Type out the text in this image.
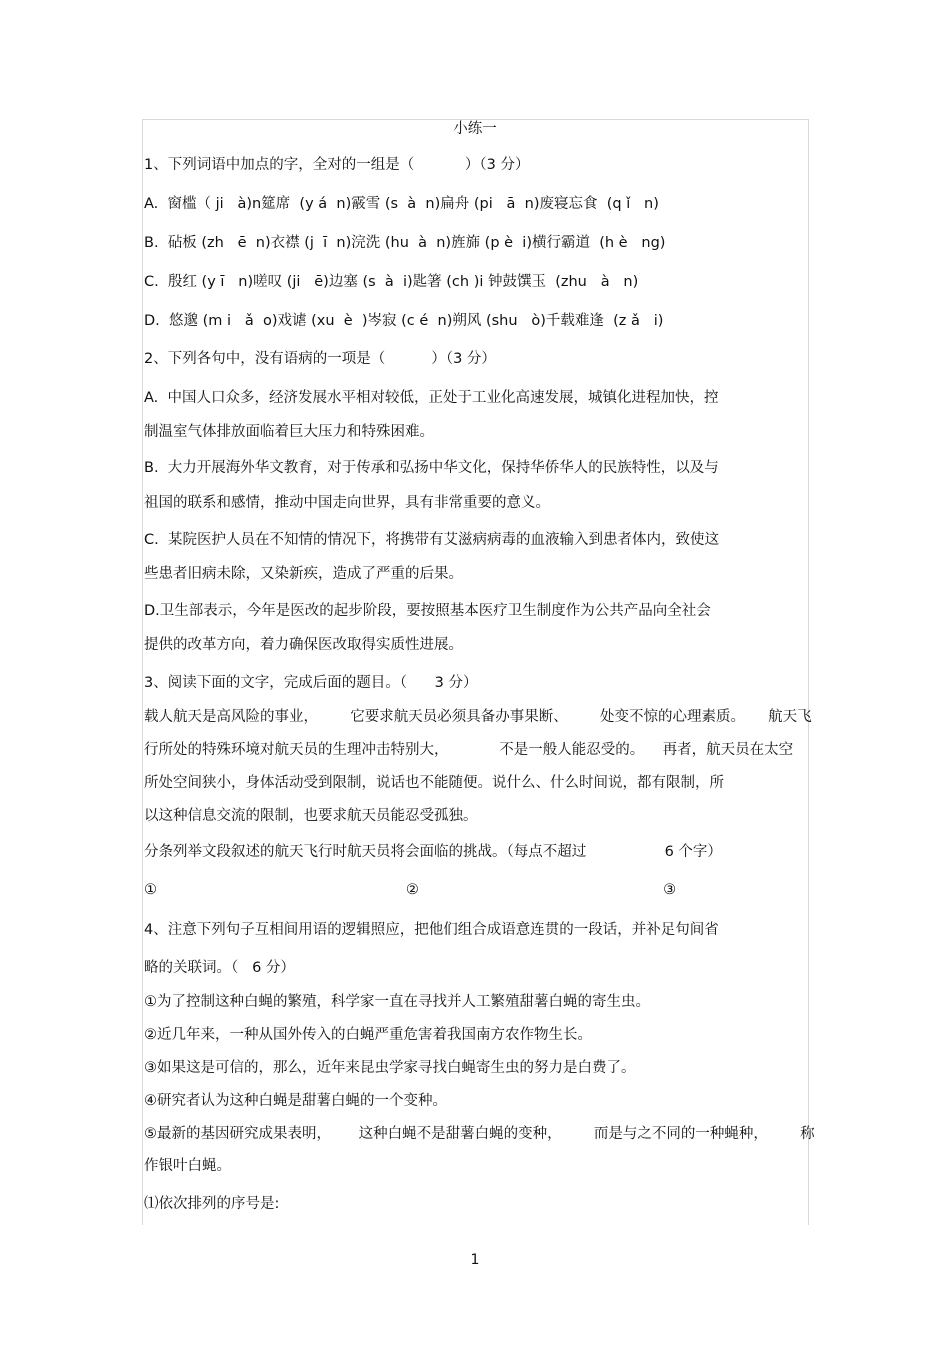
小练一
1、下列词语中加点的字，全对的一组是（           ）（3 分）
A.  窗槛（ ji   à)n筵席  (y á  n)霰雪 (s  à  n)扁舟 (pi   ā  n)废寝忘食  (q ǐ   n)
B.  砧板 (zh   ē  n)衣襟 (j  ī  n)浣洗 (hu  à  n)旌旆 (p è  i)横行霸道  (h è   ng)
C.  殷红 (y ī   n)嗟叹 (ji   ē)边塞 (s  à  i)匙箸 (ch )i 钟鼓馔玉  (zhu   à   n)
D.  悠邈 (m i   ǎ  o)戏谑 (xu  è  )岑寂 (c é  n)朔风 (shu   ò)千载难逢  (z ǎ   i)
2、下列各句中，没有语病的一项是（          ）（3 分）
A.  中国人口众多，经济发展水平相对较低，正处于工业化高速发展，城镇化进程加快，控
制温室气体排放面临着巨大压力和特殊困难。
B.  大力开展海外华文教育，对于传承和弘扬中华文化，保持华侨华人的民族特性，以及与
祖国的联系和感情，推动中国走向世界，具有非常重要的意义。
C.  某院医护人员在不知情的情况下，将携带有艾滋病病毒的血液输入到患者体内，致使这
些患者旧病未除，又染新疾，造成了严重的后果。
D.卫生部表示，今年是医改的起步阶段，要按照基本医疗卫生制度作为公共产品向全社会
提供的改革方向，着力确保医改取得实质性进展。
3、阅读下面的文字，完成后面的题目。（      3 分）
载人航天是高风险的事业，       它要求航天员必须具备办事果断、       处变不惊的心理素质。     航天飞
行所处的特殊环境对航天员的生理冲击特别大，           不是一般人能忍受的。    再者，航天员在太空
所处空间狭小，身体活动受到限制，说话也不能随便。说什么、什么时间说，都有限制，所
以这种信息交流的限制，也要求航天员能忍受孤独。
分条列举文段叙述的航天飞行时航天员将会面临的挑战。（每点不超过                 6 个字）
①                                                      ②                                                     ③
4、注意下列句子互相间用语的逻辑照应，把他们组合成语意连贯的一段话，并补足句间省
略的关联词。（   6 分）
①为了控制这种白蝇的繁殖，科学家一直在寻找并人工繁殖甜薯白蝇的寄生虫。
②近几年来，一种从国外传入的白蝇严重危害着我国南方农作物生长。
③如果这是可信的，那么，近年来昆虫学家寻找白蝇寄生虫的努力是白费了。
④研究者认为这种白蝇是甜薯白蝇的一个变种。
⑤最新的基因研究成果表明，      这种白蝇不是甜薯白蝇的变种，       而是与之不同的一种蝇种，       称
作银叶白蝇。
⑴依次排列的序号是:
1
